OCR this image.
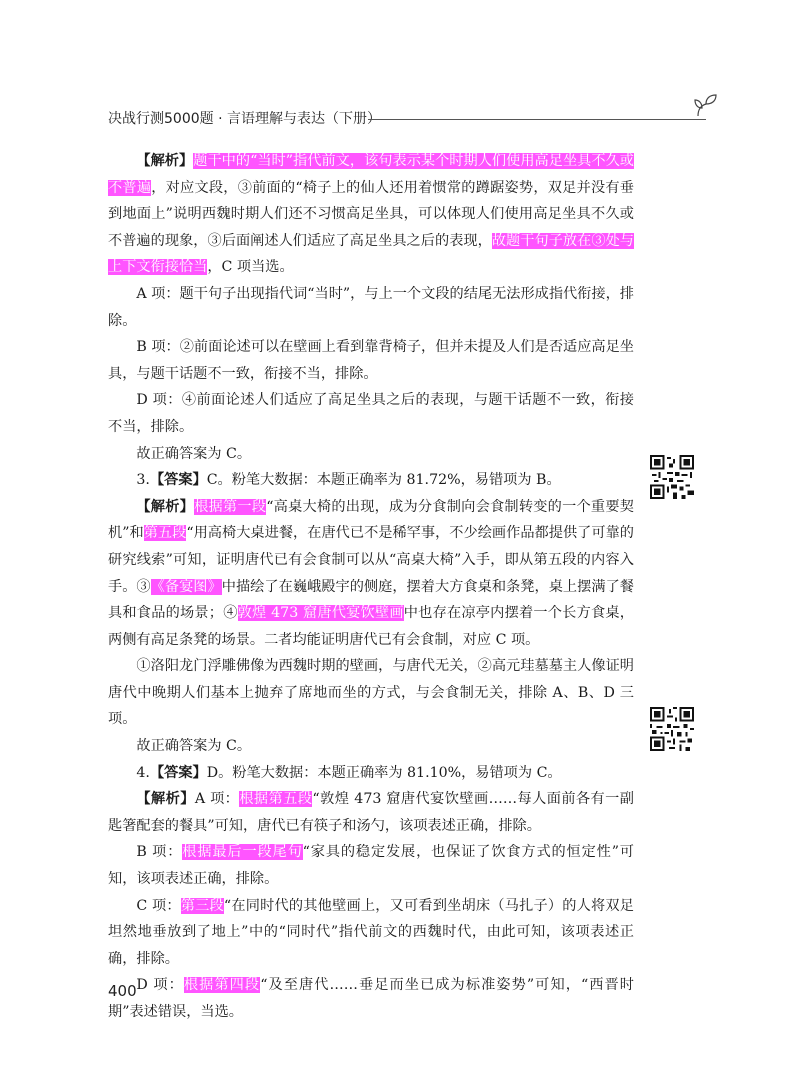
决战行测5000题 · 言语理解与表达（下册）

【解析】题干中的“当时”指代前文，该句表示某个时期人们使用高足坐具不久或不普遍，对应文段，③前面的“椅子上的仙人还用着惯常的蹲踞姿势，双足并没有垂到地面上”说明西魏时期人们还不习惯高足坐具，可以体现人们使用高足坐具不久或不普遍的现象，③后面阐述人们适应了高足坐具之后的表现，故题干句子放在③处与上下文衔接恰当，C 项当选。

A 项：题干句子出现指代词“当时”，与上一个文段的结尾无法形成指代衔接，排除。

B 项：②前面论述可以在壁画上看到靠背椅子，但并未提及人们是否适应高足坐具，与题干话题不一致，衔接不当，排除。

D 项：④前面论述人们适应了高足坐具之后的表现，与题干话题不一致，衔接不当，排除。

故正确答案为 C。

3.【答案】C。粉笔大数据：本题正确率为 81.72%，易错项为 B。

【解析】根据第一段“高桌大椅的出现，成为分食制向会食制转变的一个重要契机”和第五段“用高椅大桌进餐，在唐代已不是稀罕事，不少绘画作品都提供了可靠的研究线索”可知，证明唐代已有会食制可以从“高桌大椅”入手，即从第五段的内容入手。③《备宴图》中描绘了在巍峨殿宇的侧庭，摆着大方食桌和条凳，桌上摆满了餐具和食品的场景；④敦煌 473 窟唐代宴饮壁画中也存在凉亭内摆着一个长方食桌，两侧有高足条凳的场景。二者均能证明唐代已有会食制，对应 C 项。

①洛阳龙门浮雕佛像为西魏时期的壁画，与唐代无关，②高元珪墓墓主人像证明唐代中晚期人们基本上抛弃了席地而坐的方式，与会食制无关，排除 A、B、D 三项。

故正确答案为 C。

4.【答案】D。粉笔大数据：本题正确率为 81.10%，易错项为 C。

【解析】A 项：根据第五段“敦煌 473 窟唐代宴饮壁画……每人面前各有一副匙箸配套的餐具”可知，唐代已有筷子和汤勺，该项表述正确，排除。

B 项：根据最后一段尾句“家具的稳定发展，也保证了饮食方式的恒定性”可知，该项表述正确，排除。

C 项：第三段“在同时代的其他壁画上，又可看到坐胡床（马扎子）的人将双足坦然地垂放到了地上”中的“同时代”指代前文的西魏时代，由此可知，该项表述正确，排除。

D 项：根据第四段“及至唐代……垂足而坐已成为标准姿势”可知，“西晋时期”表述错误，当选。

400
